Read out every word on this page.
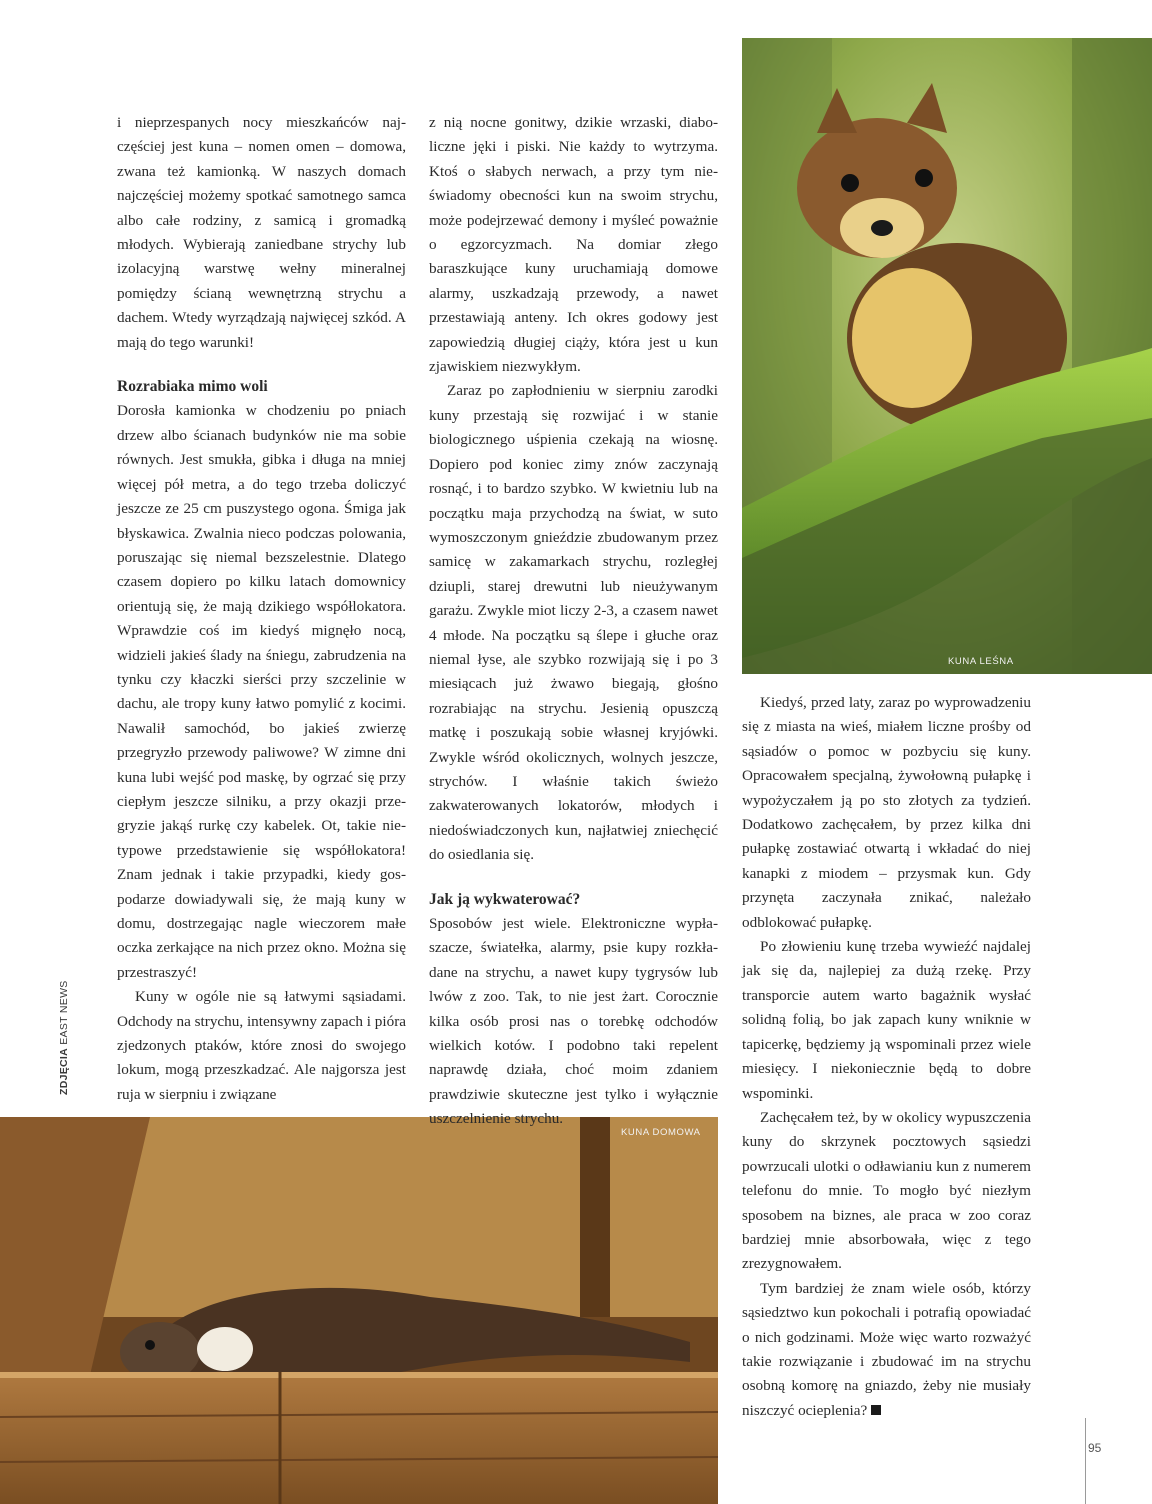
KUNA LEŚNA
KUNA DOMOWA

i nieprzespanych nocy mieszkańców najczęściej jest kuna – nomen omen – domowa, zwana też kamionką. W naszych domach najczęściej możemy spotkać samotnego samca albo całe rodziny, z samicą i gromadką młodych. Wybierają zaniedbane strychy lub izolacyjną warstwę wełny mineralnej pomiędzy ścianą wewnętrzną strychu a dachem. Wtedy wyrządzają najwięcej szkód. A mają do tego warunki!

Rozrabiaka mimo woli

Dorosła kamionka w chodzeniu po pniach drzew albo ścianach budynków nie ma sobie równych. Jest smukła, gibka i długa na mniej więcej pół metra, a do tego trzeba doliczyć jeszcze ze 25 cm puszystego ogona. Śmiga jak błyskawica. Zwalnia nieco podczas polowania, poruszając się niemal bezszelestnie. Dlatego czasem dopiero po kilku latach domownicy orientują się, że mają dzikiego współlokatora. Wprawdzie coś im kiedyś mignęło nocą, widzieli jakieś ślady na śniegu, zabrudzenia na tynku czy kłaczki sierści przy szczelinie w dachu, ale tropy kuny łatwo pomylić z kocimi. Nawalił samochód, bo jakieś zwierzę przegryzło przewody paliwowe? W zimne dni kuna lubi wejść pod maskę, by ogrzać się przy ciepłym jeszcze silniku, a przy okazji przegryzie jakąś rurkę czy kabelek. Ot, takie nietypowe przedstawienie się współlokatora! Znam jednak i takie przypadki, kiedy gospodarze dowiadywali się, że mają kuny w domu, dostrzegając nagle wieczorem małe oczka zerkające na nich przez okno. Można się przestraszyć!

Kuny w ogóle nie są łatwymi sąsiadami. Odchody na strychu, intensywny zapach i pióra zjedzonych ptaków, które znosi do swojego lokum, mogą przeszkadzać. Ale najgorsza jest ruja w sierpniu i związane

z nią nocne gonitwy, dzikie wrzaski, diaboliczne jęki i piski. Nie każdy to wytrzyma. Ktoś o słabych nerwach, a przy tym nieświadomy obecności kun na swoim strychu, może podejrzewać demony i myśleć poważnie o egzorcyzmach. Na domiar złego baraszkujące kuny uruchamiają domowe alarmy, uszkadzają przewody, a nawet przestawiają anteny. Ich okres godowy jest zapowiedzią długiej ciąży, która jest u kun zjawiskiem niezwykłym.

Zaraz po zapłodnieniu w sierpniu zarodki kuny przestają się rozwijać i w stanie biologicznego uśpienia czekają na wiosnę. Dopiero pod koniec zimy znów zaczynają rosnąć, i to bardzo szybko. W kwietniu lub na początku maja przychodzą na świat, w suto wymoszczonym gnieździe zbudowanym przez samicę w zakamarkach strychu, rozległej dziupli, starej drewutni lub nieużywanym garażu. Zwykle miot liczy 2-3, a czasem nawet 4 młode. Na początku są ślepe i głuche oraz niemal łyse, ale szybko rozwijają się i po 3 miesiącach już żwawo biegają, głośno rozrabiając na strychu. Jesienią opuszczą matkę i poszukają sobie własnej kryjówki. Zwykle wśród okolicznych, wolnych jeszcze, strychów. I właśnie takich świeżo zakwaterowanych lokatorów, młodych i niedoświadczonych kun, najłatwiej zniechęcić do osiedlania się.

Jak ją wykwaterować?

Sposobów jest wiele. Elektroniczne wypłaszacze, światełka, alarmy, psie kupy rozkładane na strychu, a nawet kupy tygrysów lub lwów z zoo. Tak, to nie jest żart. Corocznie kilka osób prosi nas o torebkę odchodów wielkich kotów. I podobno taki repelent naprawdę działa, choć moim zdaniem prawdziwie skuteczne jest tylko i wyłącznie uszczelnienie strychu.

Kiedyś, przed laty, zaraz po wyprowadzeniu się z miasta na wieś, miałem liczne prośby od sąsiadów o pomoc w pozbyciu się kuny. Opracowałem specjalną, żywołowną pułapkę i wypożyczałem ją po sto złotych za tydzień. Dodatkowo zachęcałem, by przez kilka dni pułapkę zostawiać otwartą i wkładać do niej kanapki z miodem – przysmak kun. Gdy przynęta zaczynała znikać, należało odblokować pułapkę.

Po złowieniu kunę trzeba wywieźć najdalej jak się da, najlepiej za dużą rzekę. Przy transporcie autem warto bagażnik wysłać solidną folią, bo jak zapach kuny wniknie w tapicerkę, będziemy ją wspominali przez wiele miesięcy. I niekoniecznie będą to dobre wspominki.

Zachęcałem też, by w okolicy wypuszczenia kuny do skrzynek pocztowych sąsiedzi powrzucali ulotki o odławianiu kun z numerem telefonu do mnie. To mogło być niezłym sposobem na biznes, ale praca w zoo coraz bardziej mnie absorbowała, więc z tego zrezygnowałem.

Tym bardziej że znam wiele osób, którzy sąsiedztwo kun pokochali i potrafią opowiadać o nich godzinami. Może więc warto rozważyć takie rozwiązanie i zbudować im na strychu osobną komorę na gniazdo, żeby nie musiały niszczyć ocieplenia?

ZDJĘCIA EAST NEWS
95
